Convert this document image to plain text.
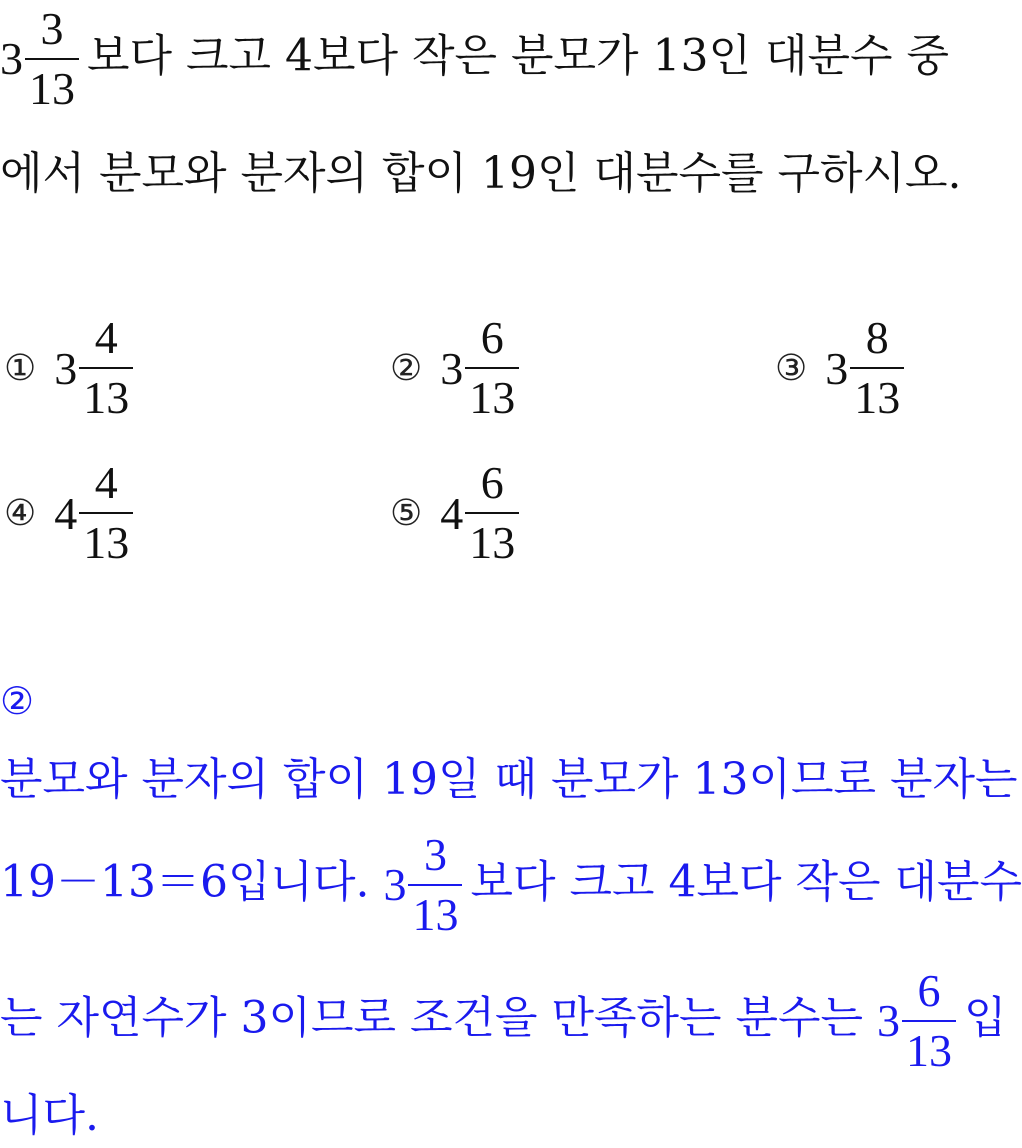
$3 \frac{3}{13}$ 보다 크고 4보다 작은 분모가 13인 대분수 중
에서 분모와 분자의 합이 19인 대분수를 구하시오.
① $3 \frac{4}{13}$	② $3 \frac{6}{13}$	③ $3 \frac{8}{13}$
④ $4 \frac{4}{13}$	⑤ $4 \frac{6}{13}$
②
분모와 분자의 합이 19일 때 분모가 13이므로 분자는
19－13＝6입니다. $3 \frac{3}{13}$ 보다 크고 4보다 작은 대분수
는 자연수가 3이므로 조건을 만족하는 분수는 $3 \frac{6}{13}$ 입
니다.
